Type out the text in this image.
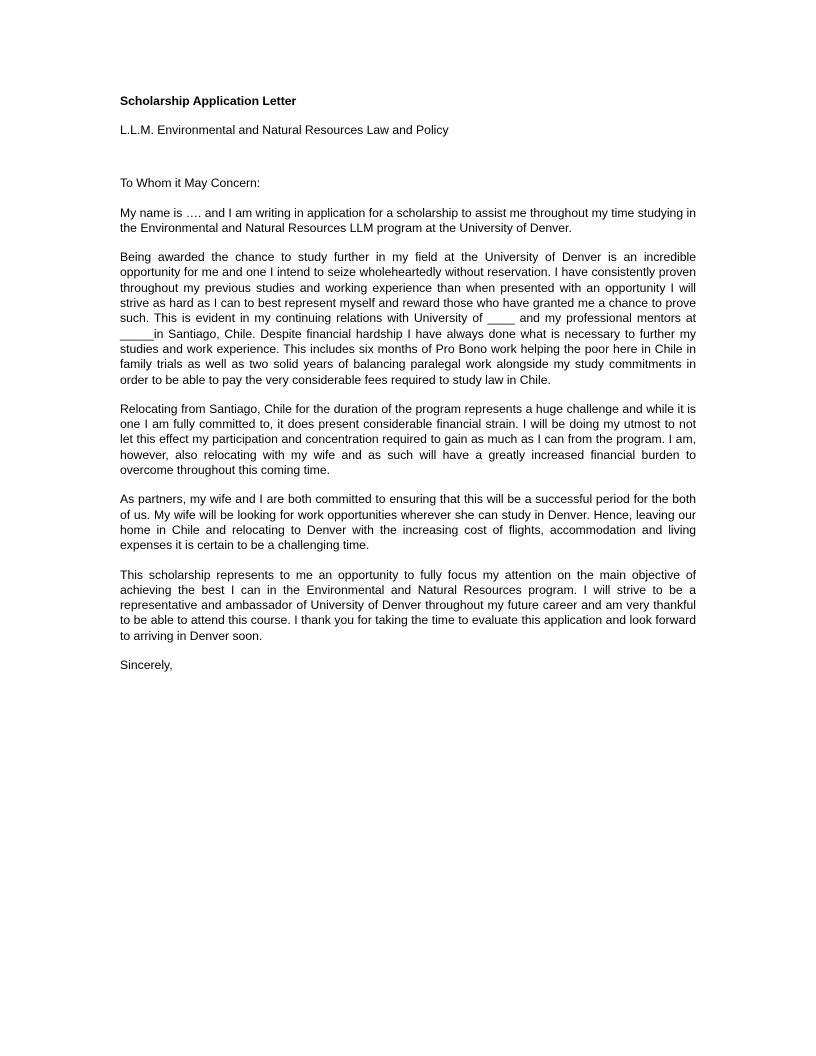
Scholarship Application Letter

L.L.M. Environmental and Natural Resources Law and Policy

To Whom it May Concern:

My name is …. and I am writing in application for a scholarship to assist me throughout my time studying in the Environmental and Natural Resources LLM program at the University of Denver.

Being awarded the chance to study further in my field at the University of Denver is an incredible opportunity for me and one I intend to seize wholeheartedly without reservation. I have consistently proven throughout my previous studies and working experience than when presented with an opportunity I will strive as hard as I can to best represent myself and reward those who have granted me a chance to prove such. This is evident in my continuing relations with University of ____ and my professional mentors at _____in Santiago, Chile. Despite financial hardship I have always done what is necessary to further my studies and work experience. This includes six months of Pro Bono work helping the poor here in Chile in family trials as well as two solid years of balancing paralegal work alongside my study commitments in order to be able to pay the very considerable fees required to study law in Chile.

Relocating from Santiago, Chile for the duration of the program represents a huge challenge and while it is one I am fully committed to, it does present considerable financial strain. I will be doing my utmost to not let this effect my participation and concentration required to gain as much as I can from the program. I am, however, also relocating with my wife and as such will have a greatly increased financial burden to overcome throughout this coming time.

As partners, my wife and I are both committed to ensuring that this will be a successful period for the both of us. My wife will be looking for work opportunities wherever she can study in Denver. Hence, leaving our home in Chile and relocating to Denver with the increasing cost of flights, accommodation and living expenses it is certain to be a challenging time.

This scholarship represents to me an opportunity to fully focus my attention on the main objective of achieving the best I can in the Environmental and Natural Resources program. I will strive to be a representative and ambassador of University of Denver throughout my future career and am very thankful to be able to attend this course. I thank you for taking the time to evaluate this application and look forward to arriving in Denver soon.

Sincerely,
